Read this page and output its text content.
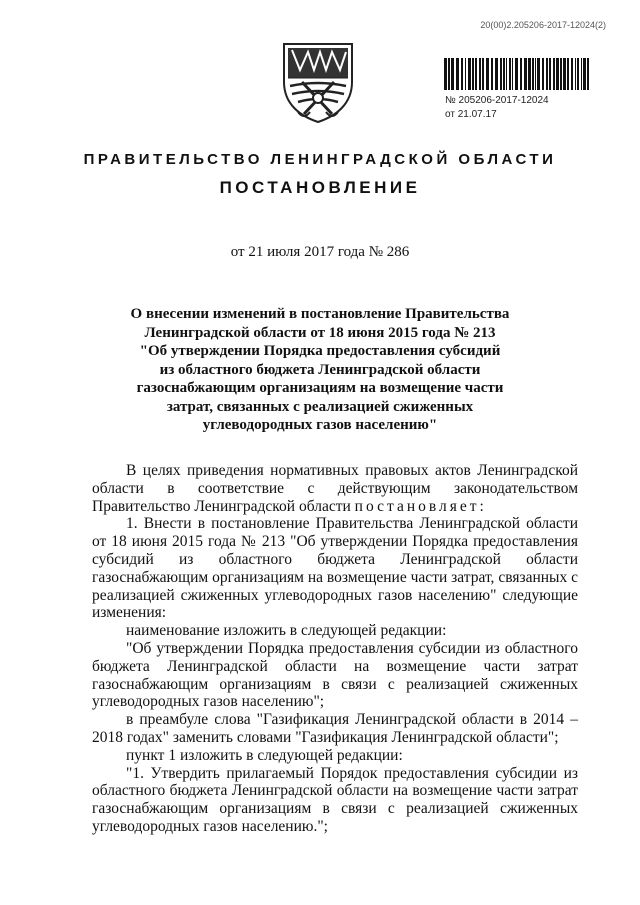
20(00)2.205206-2017-12024(2)
№ 205206-2017-12024
от 21.07.17
ПРАВИТЕЛЬСТВО ЛЕНИНГРАДСКОЙ ОБЛАСТИ
ПОСТАНОВЛЕНИЕ
от 21 июля 2017 года № 286
О внесении изменений в постановление Правительства
Ленинградской области от 18 июня 2015 года № 213
"Об утверждении Порядка предоставления субсидий
из областного бюджета Ленинградской области
газоснабжающим организациям на возмещение части
затрат, связанных с реализацией сжиженных
углеводородных газов населению"

В целях приведения нормативных правовых актов Ленинградской области в соответствие с действующим законодательством Правительство Ленинградской области постановляет:

1. Внести в постановление Правительства Ленинградской области от 18 июня 2015 года № 213 "Об утверждении Порядка предоставления субсидий из областного бюджета Ленинградской области газоснабжающим организациям на возмещение части затрат, связанных с реализацией сжиженных углеводородных газов населению" следующие изменения:

наименование изложить в следующей редакции:

"Об утверждении Порядка предоставления субсидии из областного бюджета Ленинградской области на возмещение части затрат газоснабжающим организациям в связи с реализацией сжиженных углеводородных газов населению";

в преамбуле слова "Газификация Ленинградской области в 2014 – 2018 годах" заменить словами "Газификация Ленинградской области";

пункт 1 изложить в следующей редакции:

"1. Утвердить прилагаемый Порядок предоставления субсидии из областного бюджета Ленинградской области на возмещение части затрат газоснабжающим организациям в связи с реализацией сжиженных углеводородных газов населению.";
